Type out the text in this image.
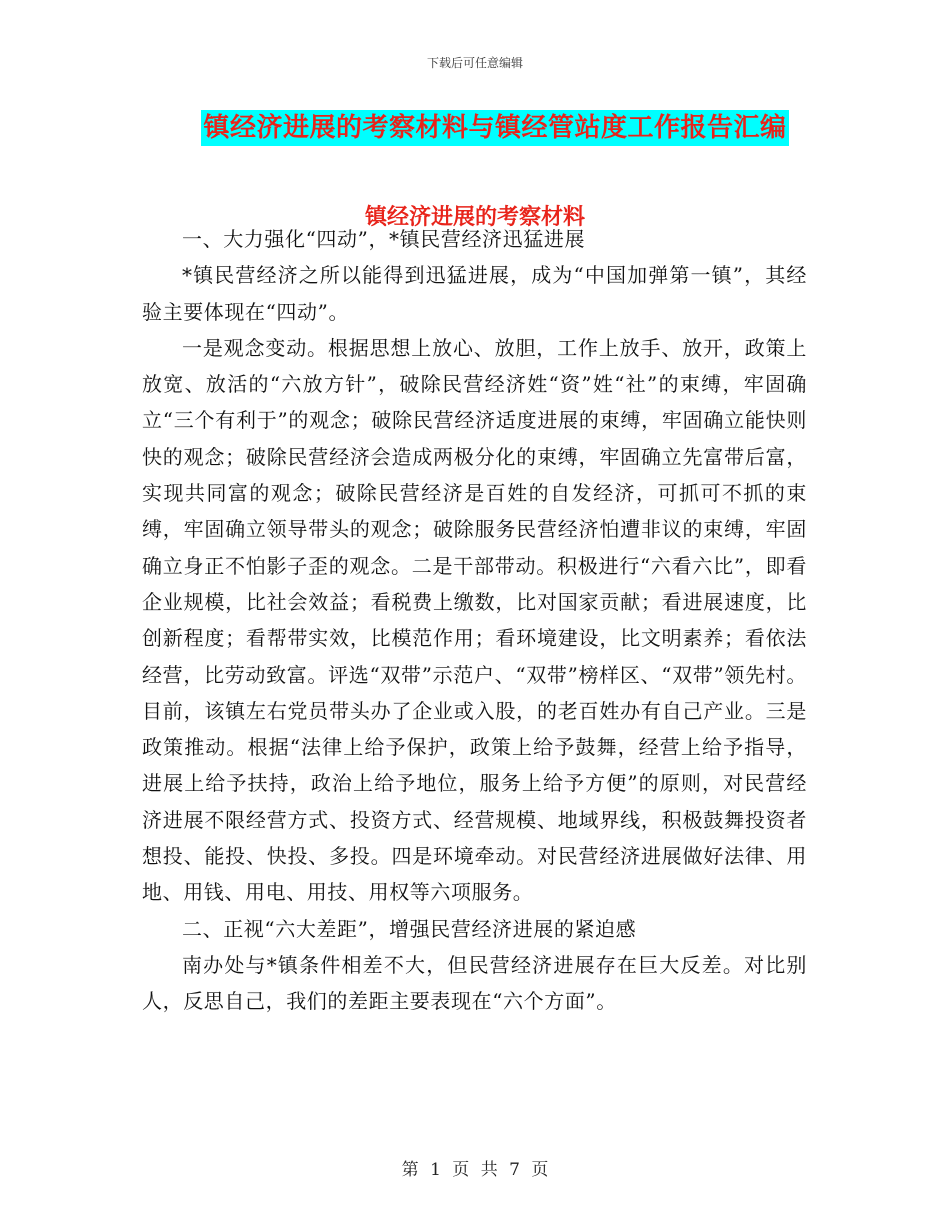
下载后可任意编辑
镇经济进展的考察材料与镇经管站度工作报告汇编
镇经济进展的考察材料

一、大力强化“四动”，*镇民营经济迅猛进展

*镇民营经济之所以能得到迅猛进展，成为“中国加弹第一镇”，其经验主要体现在“四动”。

一是观念变动。根据思想上放心、放胆，工作上放手、放开，政策上放宽、放活的“六放方针”，破除民营经济姓“资”姓“社”的束缚，牢固确立“三个有利于”的观念；破除民营经济适度进展的束缚，牢固确立能快则快的观念；破除民营经济会造成两极分化的束缚，牢固确立先富带后富，实现共同富的观念；破除民营经济是百姓的自发经济，可抓可不抓的束缚，牢固确立领导带头的观念；破除服务民营经济怕遭非议的束缚，牢固确立身正不怕影子歪的观念。二是干部带动。积极进行“六看六比”，即看企业规模，比社会效益；看税费上缴数，比对国家贡献；看进展速度，比创新程度；看帮带实效，比模范作用；看环境建设，比文明素养；看依法经营，比劳动致富。评选“双带”示范户、“双带”榜样区、“双带”领先村。目前，该镇左右党员带头办了企业或入股，的老百姓办有自己产业。三是政策推动。根据“法律上给予保护，政策上给予鼓舞，经营上给予指导，进展上给予扶持，政治上给予地位，服务上给予方便”的原则，对民营经济进展不限经营方式、投资方式、经营规模、地域界线，积极鼓舞投资者想投、能投、快投、多投。四是环境牵动。对民营经济进展做好法律、用地、用钱、用电、用技、用权等六项服务。

二、正视“六大差距”，增强民营经济进展的紧迫感

南办处与*镇条件相差不大，但民营经济进展存在巨大反差。对比别人，反思自己，我们的差距主要表现在“六个方面”。

第 1 页 共 7 页
